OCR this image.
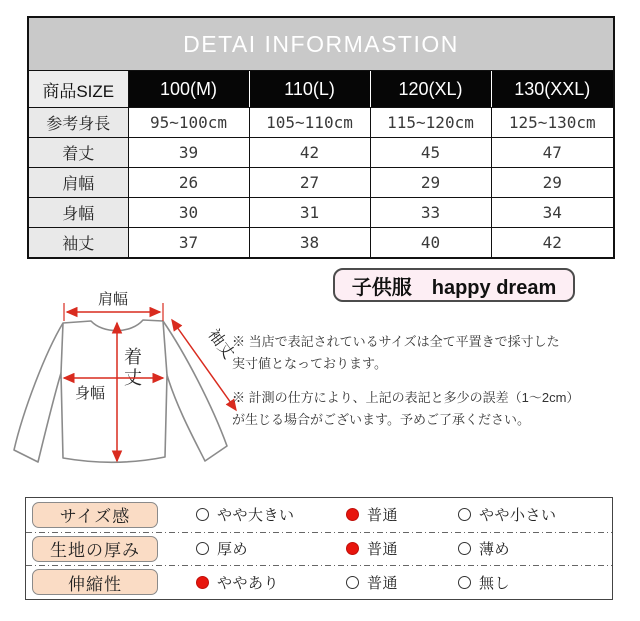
DETAI INFORMASTION				
商品SIZE	100(M)	110(L)	120(XL)	130(XXL)
参考身長	95~100cm	105~110cm	115~120cm	125~130cm
着丈	39	42	45	47
肩幅	26	27	29	29
身幅	30	31	33	34
袖丈	37	38	40	42
子供服　happy dream
肩幅
着
丈
身幅
袖丈
※ 当店で表記されているサイズは全て平置きで採寸した
実寸値となっております。
※ 計測の仕方により、上記の表記と多少の誤差（1～2cm）
が生じる場合がございます。予めご了承ください。
サイズ感	やや大きい	普通	やや小さい
生地の厚み	厚め	普通	薄め
伸縮性	ややあり	普通	無し
